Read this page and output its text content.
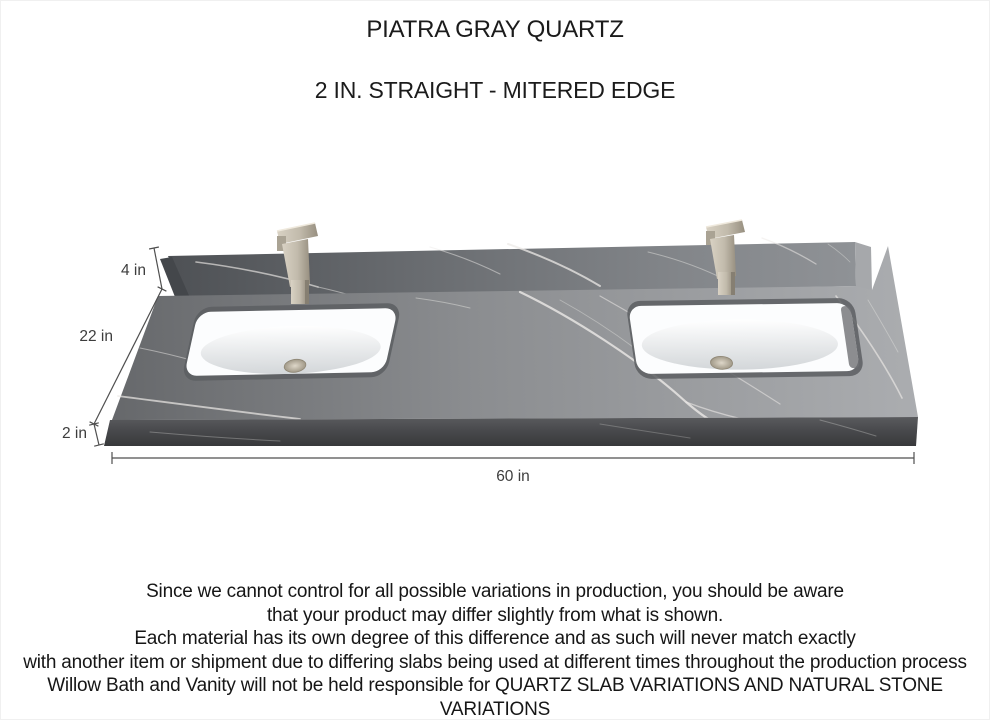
PIATRA GRAY QUARTZ
2 IN. STRAIGHT - MITERED EDGE
4 in
22 in
2 in
60 in
Since we cannot control for all possible variations in production, you should be aware
that your product may differ slightly from what is shown.
Each material has its own degree of this difference and as such will never match exactly
with another item or shipment due to differing slabs being used at different times throughout the production process
Willow Bath and Vanity will not be held responsible for QUARTZ SLAB VARIATIONS AND NATURAL STONE VARIATIONS
